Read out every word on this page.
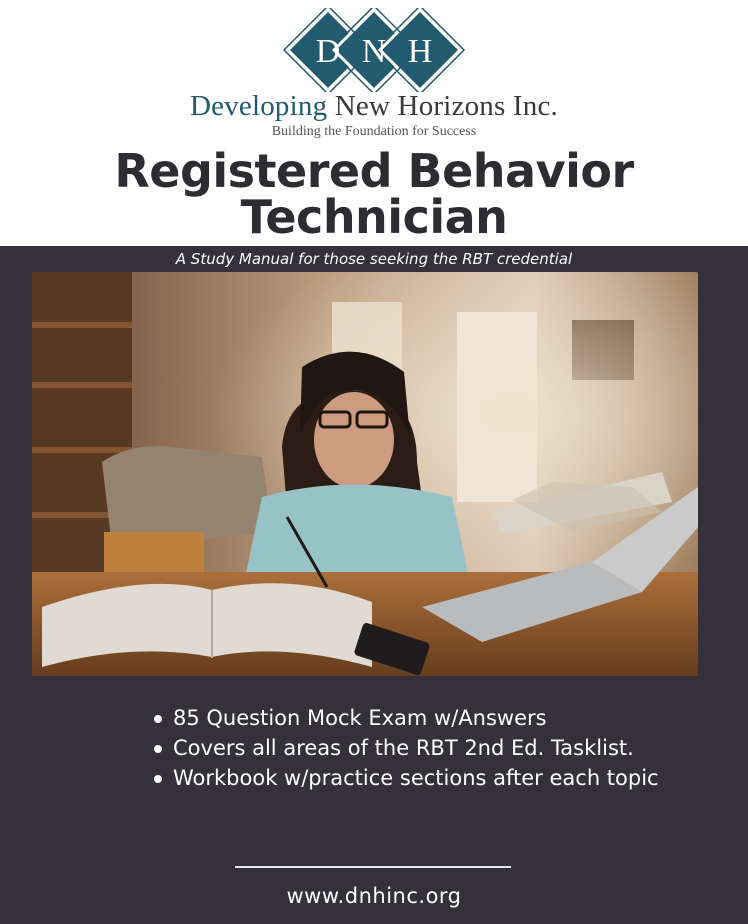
D N H
Developing New Horizons Inc.
Building the Foundation for Success
Registered Behavior
Technician
A Study Manual for those seeking the RBT credential
85 Question Mock Exam w/Answers
Covers all areas of the RBT 2nd Ed. Tasklist.
Workbook w/practice sections after each topic
www.dnhinc.org
